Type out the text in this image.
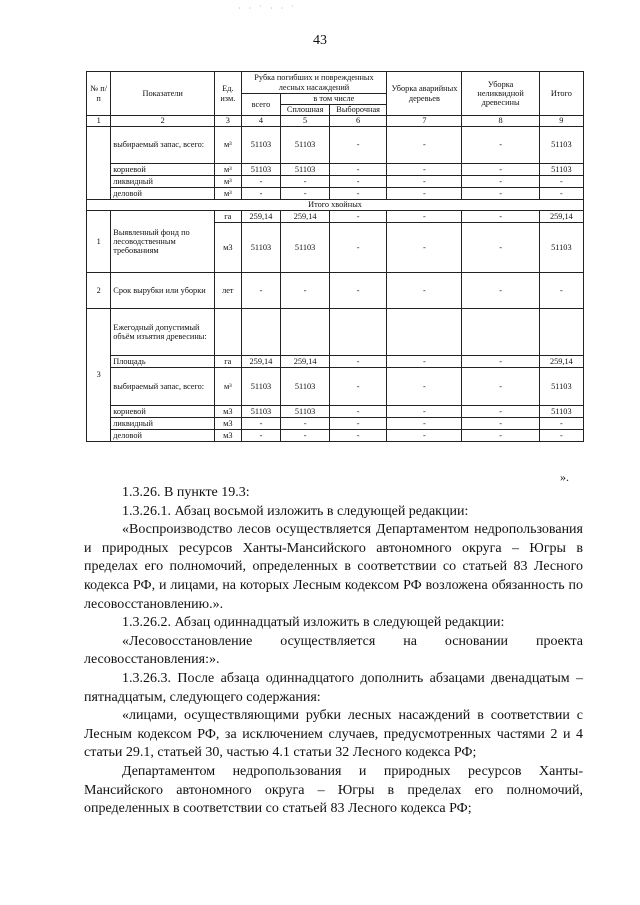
· · ˙ · · ˙
43
№ п/п	Показатели	Ед. изм.	Рубка погибших и поврежденных лесных насаждений			Уборка аварийных деревьев	Уборка неликвидной древесины	Итого
			всего	в том числе				
				Сплошная	Выборочная			
1	2	3	4	5	6	7	8	9
	выбираемый запас, всего:	м³	51103	51103	-	-	-	51103
	корневой	м³	51103	51103	-	-	-	51103
	ликвидный	м³	-	-	-	-	-	-
	деловой	м³	-	-	-	-	-	-
Итого хвойных								
1	Выявленный фонд по лесоводственным требованиям	га	259,14	259,14	-	-	-	259,14
		м3	51103	51103	-	-	-	51103
2	Срок вырубки или уборки	лет	-	-	-	-	-	-
3	Ежегодный допустимый объём изъятия древесины:							
	Площадь	га	259,14	259,14	-	-	-	259,14
	выбираемый запас, всего:	м³	51103	51103	-	-	-	51103
	корневой	м3	51103	51103	-	-	-	51103
	ликвидный	м3	-	-	-	-	-	-
	деловой	м3	-	-	-	-	-	-
».

1.3.26. В пункте 19.3:

1.3.26.1. Абзац восьмой изложить в следующей редакции:

«Воспроизводство лесов осуществляется Департаментом недропользования и природных ресурсов Ханты-Мансийского автономного округа – Югры в пределах его полномочий, определенных в соответствии со статьей 83 Лесного кодекса РФ, и лицами, на которых Лесным кодексом РФ возложена обязанность по лесовосстановлению.».

1.3.26.2. Абзац одиннадцатый изложить в следующей редакции:

«Лесовосстановление осуществляется на основании проекта лесовосстановления:».

1.3.26.3. После абзаца одиннадцатого дополнить абзацами двенадцатым – пятнадцатым, следующего содержания:

«лицами, осуществляющими рубки лесных насаждений в соответствии с Лесным кодексом РФ, за исключением случаев, предусмотренных частями 2 и 4 статьи 29.1, статьей 30, частью 4.1 статьи 32 Лесного кодекса РФ;

Департаментом недропользования и природных ресурсов Ханты-Мансийского автономного округа – Югры в пределах его полномочий, определенных в соответствии со статьей 83 Лесного кодекса РФ;
